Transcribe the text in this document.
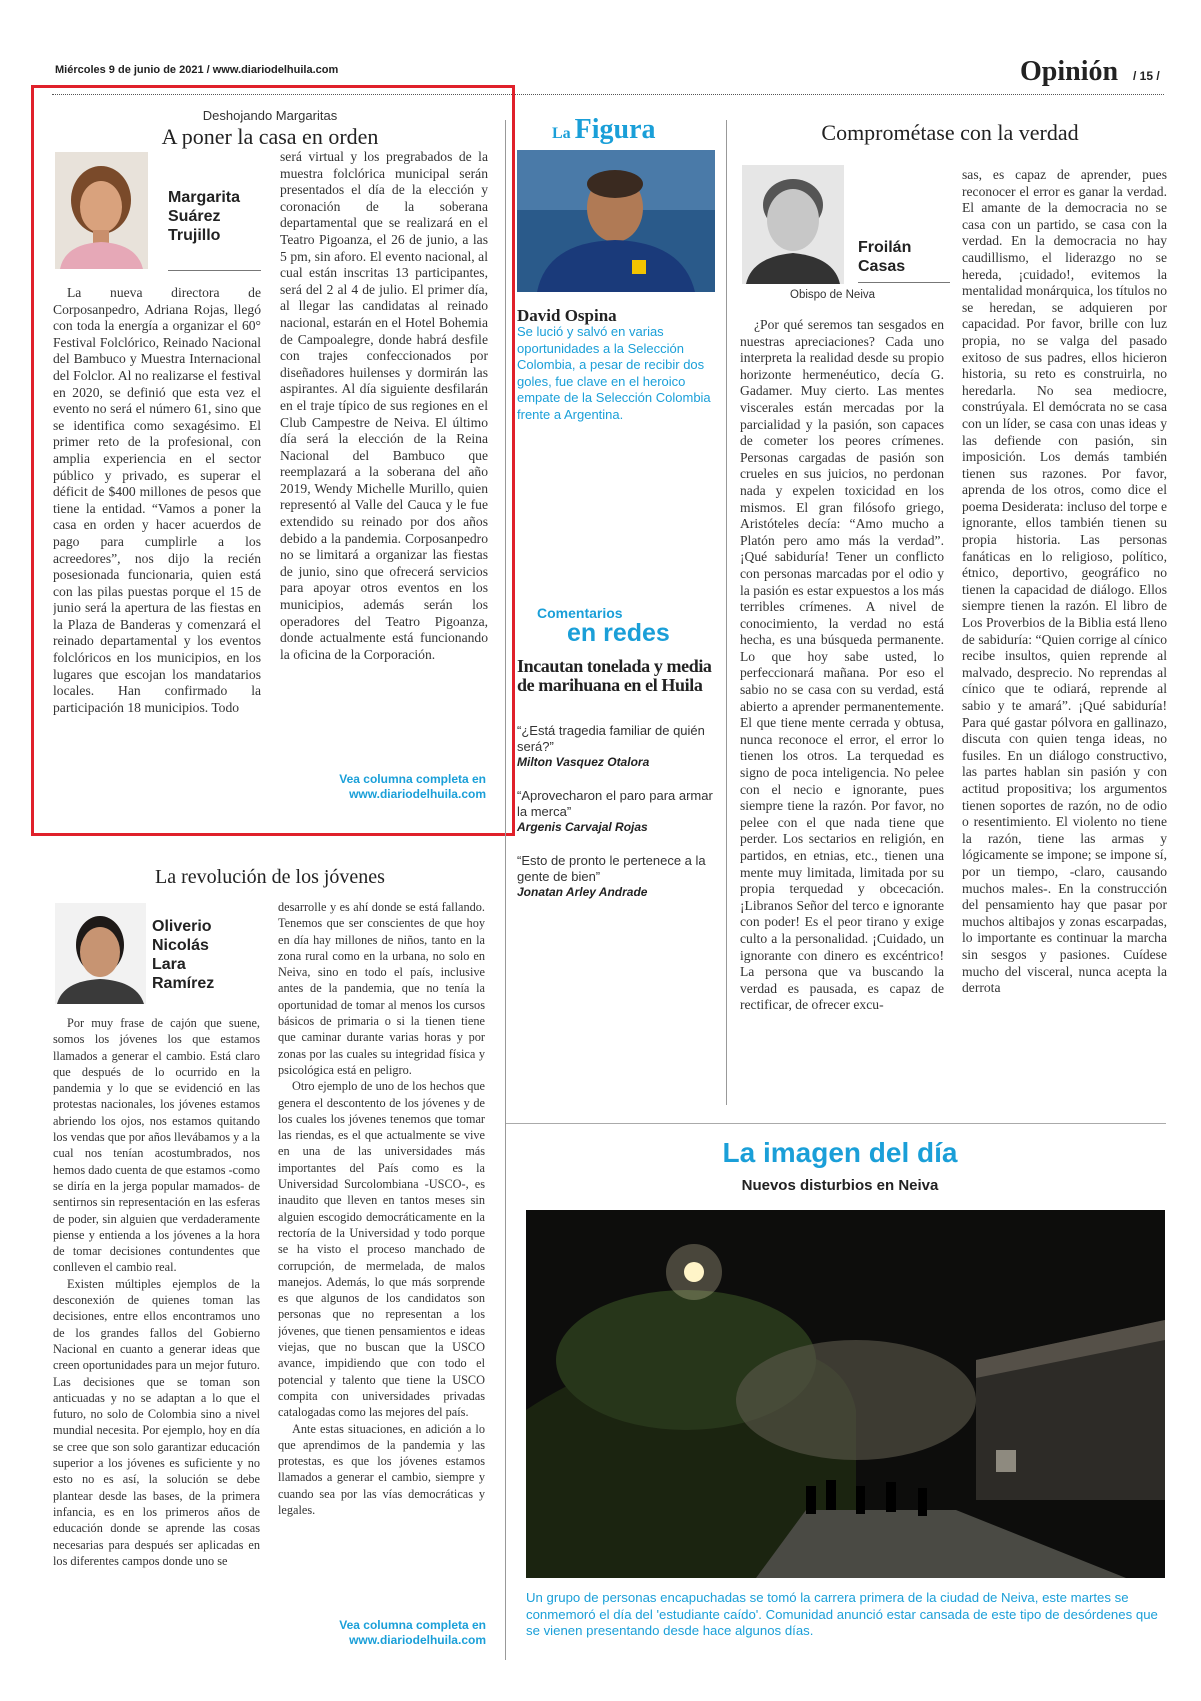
Miércoles 9 de junio de 2021 / www.diariodelhuila.com	Opinión / 15 /
Deshojando Margaritas
A poner la casa en orden
Margarita
Suárez
Trujillo

La nueva directora de Corposanpedro, Adriana Rojas, llegó con toda la energía a organizar el 60° Festival Folclórico, Reinado Nacional del Bambuco y Muestra Internacional del Folclor. Al no realizarse el festival en 2020, se definió que esta vez el evento no será el número 61, sino que se identifica como sexagésimo. El primer reto de la profesional, con amplia experiencia en el sector público y privado, es superar el déficit de $400 millones de pesos que tiene la entidad. “Vamos a poner la casa en orden y hacer acuerdos de pago para cumplirle a los acreedores”, nos dijo la recién posesionada funcionaria, quien está con las pilas puestas porque el 15 de junio será la apertura de las fiestas en la Plaza de Banderas y comenzará el reinado departamental y los eventos folclóricos en los municipios, en los lugares que escojan los mandatarios locales. Han confirmado la participación 18 municipios. Todo

será virtual y los pregrabados de la muestra folclórica municipal serán presentados el día de la elección y coronación de la soberana departamental que se realizará en el Teatro Pigoanza, el 26 de junio, a las 5 pm, sin aforo. El evento nacional, al cual están inscritas 13 participantes, será del 2 al 4 de julio. El primer día, al llegar las candidatas al reinado nacional, estarán en el Hotel Bohemia de Campoalegre, donde habrá desfile con trajes confeccionados por diseñadores huilenses y dormirán las aspirantes. Al día siguiente desfilarán en el traje típico de sus regiones en el Club Campestre de Neiva. El último día será la elección de la Reina Nacional del Bambuco que reemplazará a la soberana del año 2019, Wendy Michelle Murillo, quien representó al Valle del Cauca y le fue extendido su reinado por dos años debido a la pandemia. Corposanpedro no se limitará a organizar las fiestas de junio, sino que ofrecerá servicios para apoyar otros eventos en los municipios, además serán los operadores del Teatro Pigoanza, donde actualmente está funcionando la oficina de la Corporación.

Vea columna completa en
www.diariodelhuila.com
La revolución de los jóvenes
Oliverio
Nicolás
Lara
Ramírez

Por muy frase de cajón que suene, somos los jóvenes los que estamos llamados a generar el cambio. Está claro que después de lo ocurrido en la pandemia y lo que se evidenció en las protestas nacionales, los jóvenes estamos abriendo los ojos, nos estamos quitando los vendas que por años llevábamos y a la cual nos tenían acostumbrados, nos hemos dado cuenta de que estamos -como se diría en la jerga popular mamados- de sentirnos sin representación en las esferas de poder, sin alguien que verdaderamente piense y entienda a los jóvenes a la hora de tomar decisiones contundentes que conlleven el cambio real.

Existen múltiples ejemplos de la desconexión de quienes toman las decisiones, entre ellos encontramos uno de los grandes fallos del Gobierno Nacional en cuanto a generar ideas que creen oportunidades para un mejor futuro. Las decisiones que se toman son anticuadas y no se adaptan a lo que el futuro, no solo de Colombia sino a nivel mundial necesita. Por ejemplo, hoy en día se cree que son solo garantizar educación superior a los jóvenes es suficiente y no esto no es así, la solución se debe plantear desde las bases, de la primera infancia, es en los primeros años de educación donde se aprende las cosas necesarias para después ser aplicadas en los diferentes campos donde uno se

desarrolle y es ahí donde se está fallando. Tenemos que ser conscientes de que hoy en día hay millones de niños, tanto en la zona rural como en la urbana, no solo en Neiva, sino en todo el país, inclusive antes de la pandemia, que no tenía la oportunidad de tomar al menos los cursos básicos de primaria o si la tienen tiene que caminar durante varias horas y por zonas por las cuales su integridad física y psicológica está en peligro.

Otro ejemplo de uno de los hechos que genera el descontento de los jóvenes y de los cuales los jóvenes tenemos que tomar las riendas, es el que actualmente se vive en una de las universidades más importantes del País como es la Universidad Surcolombiana -USCO-, es inaudito que lleven en tantos meses sin alguien escogido democráticamente en la rectoría de la Universidad y todo porque se ha visto el proceso manchado de corrupción, de mermelada, de malos manejos. Además, lo que más sorprende es que algunos de los candidatos son personas que no representan a los jóvenes, que tienen pensamientos e ideas viejas, que no buscan que la USCO avance, impidiendo que con todo el potencial y talento que tiene la USCO compita con universidades privadas catalogadas como las mejores del país.

Ante estas situaciones, en adición a lo que aprendimos de la pandemia y las protestas, es que los jóvenes estamos llamados a generar el cambio, siempre y cuando sea por las vías democráticas y legales.

Vea columna completa en
www.diariodelhuila.com
La Figura
David Ospina
Se lució y salvó en varias oportunidades a la Selección Colombia, a pesar de recibir dos goles, fue clave en el heroico empate de la Selección Colombia frente a Argentina.
Comentarios
en redes
Incautan tonelada y media de marihuana en el Huila
“¿Está tragedia familiar de quién será?”
Milton Vasquez Otalora
“Aprovecharon el paro para armar la merca”
Argenis Carvajal Rojas
“Esto de pronto le pertenece a la gente de bien”
Jonatan Arley Andrade
Comprométase con la verdad
Froilán
Casas
Obispo de Neiva

¿Por qué seremos tan sesgados en nuestras apreciaciones? Cada uno interpreta la realidad desde su propio horizonte hermenéutico, decía G. Gadamer. Muy cierto. Las mentes viscerales están mercadas por la parcialidad y la pasión, son capaces de cometer los peores crímenes. Personas cargadas de pasión son crueles en sus juicios, no perdonan nada y expelen toxicidad en los mismos. El gran filósofo griego, Aristóteles decía: “Amo mucho a Platón pero amo más la verdad”. ¡Qué sabiduría! Tener un conflicto con personas marcadas por el odio y la pasión es estar expuestos a los más terribles crímenes. A nivel de conocimiento, la verdad no está hecha, es una búsqueda permanente. Lo que hoy sabe usted, lo perfeccionará mañana. Por eso el sabio no se casa con su verdad, está abierto a aprender permanentemente. El que tiene mente cerrada y obtusa, nunca reconoce el error, el error lo tienen los otros. La terquedad es signo de poca inteligencia. No pelee con el necio e ignorante, pues siempre tiene la razón. Por favor, no pelee con el que nada tiene que perder. Los sectarios en religión, en partidos, en etnias, etc., tienen una mente muy limitada, limitada por su propia terquedad y obcecación. ¡Libranos Señor del terco e ignorante con poder! Es el peor tirano y exige culto a la personalidad. ¡Cuidado, un ignorante con dinero es excéntrico! La persona que va buscando la verdad es pausada, es capaz de rectificar, de ofrecer excu-

sas, es capaz de aprender, pues reconocer el error es ganar la verdad. El amante de la democracia no se casa con un partido, se casa con la verdad. En la democracia no hay caudillismo, el liderazgo no se hereda, ¡cuidado!, evitemos la mentalidad monárquica, los títulos no se heredan, se adquieren por capacidad. Por favor, brille con luz propia, no se valga del pasado exitoso de sus padres, ellos hicieron historia, su reto es construirla, no heredarla. No sea mediocre, constrúyala. El demócrata no se casa con un líder, se casa con unas ideas y las defiende con pasión, sin imposición. Los demás también tienen sus razones. Por favor, aprenda de los otros, como dice el poema Desiderata: incluso del torpe e ignorante, ellos también tienen su propia historia. Las personas fanáticas en lo religioso, político, étnico, deportivo, geográfico no tienen la capacidad de diálogo. Ellos siempre tienen la razón. El libro de Los Proverbios de la Biblia está lleno de sabiduría: “Quien corrige al cínico recibe insultos, quien reprende al malvado, desprecio. No reprendas al cínico que te odiará, reprende al sabio y te amará”. ¡Qué sabiduría! Para qué gastar pólvora en gallinazo, discuta con quien tenga ideas, no fusiles. En un diálogo constructivo, las partes hablan sin pasión y con actitud propositiva; los argumentos tienen soportes de razón, no de odio o resentimiento. El violento no tiene la razón, tiene las armas y lógicamente se impone; se impone sí, por un tiempo, -claro, causando muchos males-. En la construcción del pensamiento hay que pasar por muchos altibajos y zonas escarpadas, lo importante es continuar la marcha sin sesgos y pasiones. Cuídese mucho del visceral, nunca acepta la derrota

La imagen del día
Nuevos disturbios en Neiva
Un grupo de personas encapuchadas se tomó la carrera primera de la ciudad de Neiva, este martes se conmemoró el día del 'estudiante caído'. Comunidad anunció estar cansada de este tipo de desórdenes que se vienen presentando desde hace algunos días.
